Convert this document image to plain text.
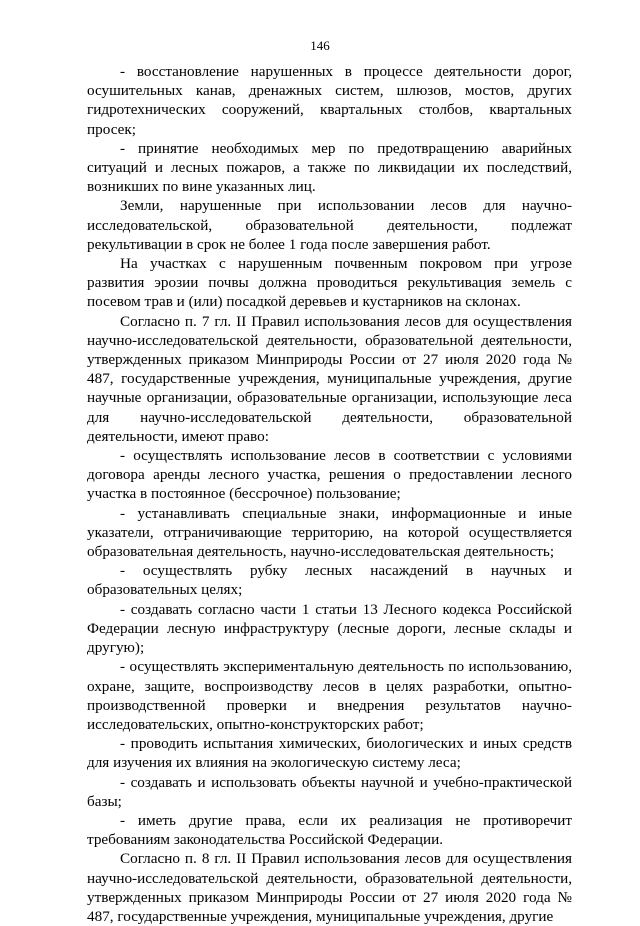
146

- восстановление нарушенных в процессе деятельности дорог, осушительных канав, дренажных систем, шлюзов, мостов, других гидротехнических сооружений, квартальных столбов, квартальных просек;

- принятие необходимых мер по предотвращению аварийных ситуаций и лесных пожаров, а также по ликвидации их последствий, возникших по вине указанных лиц.

Земли, нарушенные при использовании лесов для научно-исследовательской, образовательной деятельности, подлежат рекультивации в срок не более 1 года после завершения работ.

На участках с нарушенным почвенным покровом при угрозе развития эрозии почвы должна проводиться рекультивация земель с посевом трав и (или) посадкой деревьев и кустарников на склонах.

Согласно п. 7 гл. II Правил использования лесов для осуществления научно-исследовательской деятельности, образовательной деятельности, утвержденных приказом Минприроды России от 27 июля 2020 года № 487, государственные учреждения, муниципальные учреждения, другие научные организации, образовательные организации, использующие леса для научно-исследовательской деятельности, образовательной деятельности, имеют право:

- осуществлять использование лесов в соответствии с условиями договора аренды лесного участка, решения о предоставлении лесного участка в постоянное (бессрочное) пользование;

- устанавливать специальные знаки, информационные и иные указатели, отграничивающие территорию, на которой осуществляется образовательная деятельность, научно-исследовательская деятельность;

- осуществлять рубку лесных насаждений в научных и образовательных целях;

- создавать согласно части 1 статьи 13 Лесного кодекса Российской Федерации лесную инфраструктуру (лесные дороги, лесные склады и другую);

- осуществлять экспериментальную деятельность по использованию, охране, защите, воспроизводству лесов в целях разработки, опытно-производственной проверки и внедрения результатов научно-исследовательских, опытно-конструкторских работ;

- проводить испытания химических, биологических и иных средств для изучения их влияния на экологическую систему леса;

- создавать и использовать объекты научной и учебно-практической базы;

- иметь другие права, если их реализация не противоречит требованиям законодательства Российской Федерации.

Согласно п. 8 гл. II Правил использования лесов для осуществления научно-исследовательской деятельности, образовательной деятельности, утвержденных приказом Минприроды России от 27 июля 2020 года № 487, государственные учреждения, муниципальные учреждения, другие
